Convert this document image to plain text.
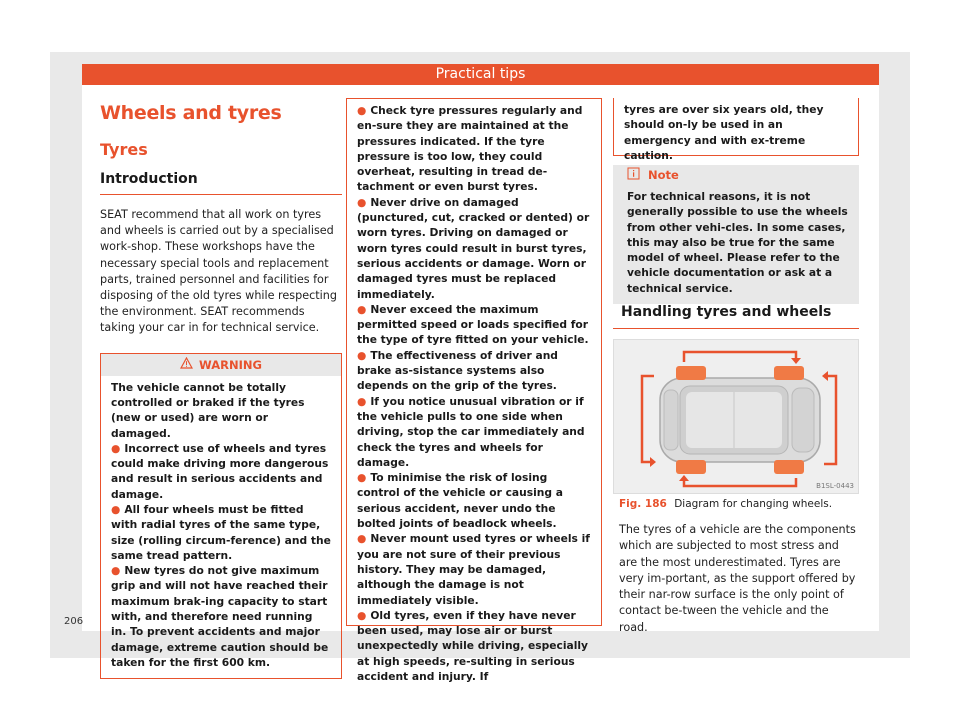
Practical tips
Wheels and tyres
Tyres
Introduction

SEAT recommend that all work on tyres and wheels is carried out by a specialised work-shop. These workshops have the necessary special tools and replacement parts, trained personnel and facilities for disposing of the old tyres while respecting the environment. SEAT recommends taking your car in for technical service.

WARNING

The vehicle cannot be totally controlled or braked if the tyres (new or used) are worn or damaged.

● Incorrect use of wheels and tyres could make driving more dangerous and result in serious accidents and damage.
● All four wheels must be fitted with radial tyres of the same type, size (rolling circum-ference) and the same tread pattern.
● New tyres do not give maximum grip and will not have reached their maximum brak-ing capacity to start with, and therefore need running in. To prevent accidents and major damage, extreme caution should be taken for the first 600 km.
● Check tyre pressures regularly and en-sure they are maintained at the pressures indicated. If the tyre pressure is too low, they could overheat, resulting in tread de-tachment or even burst tyres.
● Never drive on damaged (punctured, cut, cracked or dented) or worn tyres. Driving on damaged or worn tyres could result in burst tyres, serious accidents or damage. Worn or damaged tyres must be replaced immediately.
● Never exceed the maximum permitted speed or loads specified for the type of tyre fitted on your vehicle.
● The effectiveness of driver and brake as-sistance systems also depends on the grip of the tyres.
● If you notice unusual vibration or if the vehicle pulls to one side when driving, stop the car immediately and check the tyres and wheels for damage.
● To minimise the risk of losing control of the vehicle or causing a serious accident, never undo the bolted joints of beadlock wheels.
● Never mount used tyres or wheels if you are not sure of their previous history. They may be damaged, although the damage is not immediately visible.
● Old tyres, even if they have never been used, may lose air or burst unexpectedly while driving, especially at high speeds, re-sulting in serious accident and injury. If
tyres are over six years old, they should on-ly be used in an emergency and with ex-treme caution.
Note
For technical reasons, it is not generally possible to use the wheels from other vehi-cles. In some cases, this may also be true for the same model of wheel. Please refer to the vehicle documentation or ask at a technical service.
Handling tyres and wheels
B1SL-0443
Fig. 186 Diagram for changing wheels.
The tyres of a vehicle are the components which are subjected to most stress and are the most underestimated. Tyres are very im-portant, as the support offered by their nar-row surface is the only point of contact be-tween the vehicle and the road.
206
